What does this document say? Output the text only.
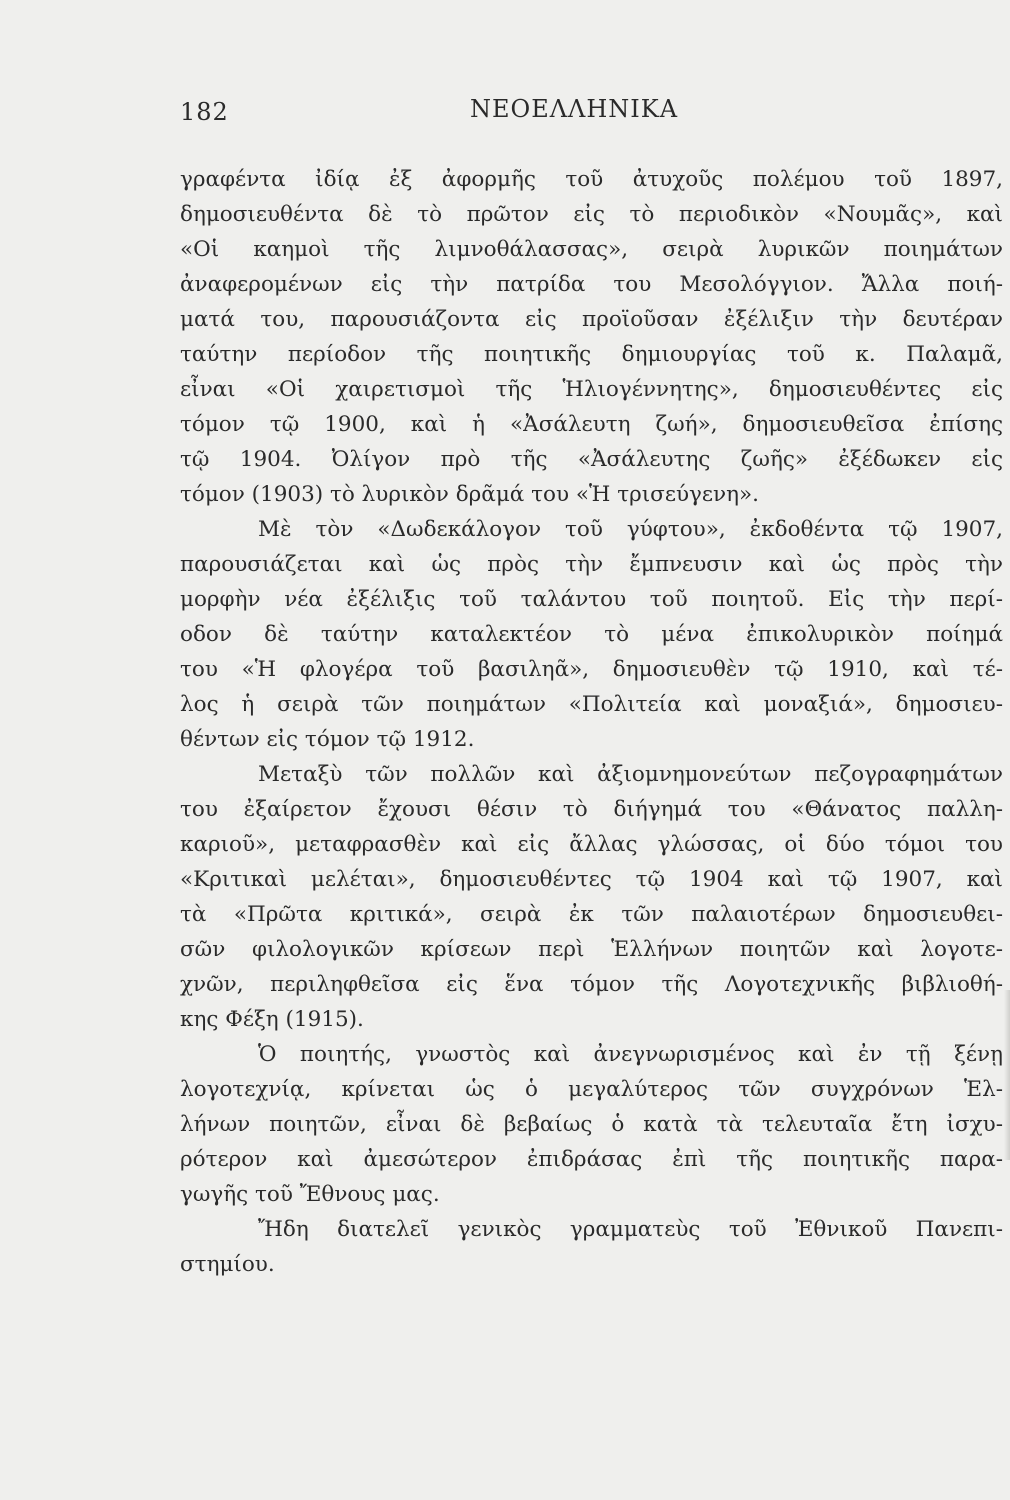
182	ΝΕΟΕΛΛΗΝΙΚΑ
γραφέντα ἰδίᾳ ἐξ ἀφορμῆς τοῦ ἀτυχοῦς πολέμου τοῦ 1897,
δημοσιευθέντα δὲ τὸ πρῶτον εἰς τὸ περιοδικὸν «Νουμᾶς», καὶ
«Οἱ καημοὶ τῆς λιμνοθάλασσας», σειρὰ λυρικῶν ποιημάτων
ἀναφερομένων εἰς τὴν πατρίδα του Μεσολόγγιον. Ἄλλα ποιή-
ματά του, παρουσιάζοντα εἰς προϊοῦσαν ἐξέλιξιν τὴν δευτέραν
ταύτην περίοδον τῆς ποιητικῆς δημιουργίας τοῦ κ. Παλαμᾶ,
εἶναι «Οἱ χαιρετισμοὶ τῆς Ἡλιογέννητης», δημοσιευθέντες εἰς
τόμον τῷ 1900, καὶ ἡ «Ἀσάλευτη ζωή», δημοσιευθεῖσα ἐπίσης
τῷ 1904. Ὀλίγον πρὸ τῆς «Ἀσάλευτης ζωῆς» ἐξέδωκεν εἰς
τόμον (1903) τὸ λυρικὸν δρᾶμά του «Ἡ τρισεύγενη».
Μὲ τὸν «Δωδεκάλογον τοῦ γύφτου», ἐκδοθέντα τῷ 1907,
παρουσιάζεται καὶ ὡς πρὸς τὴν ἔμπνευσιν καὶ ὡς πρὸς τὴν
μορφὴν νέα ἐξέλιξις τοῦ ταλάντου τοῦ ποιητοῦ. Εἰς τὴν περί-
οδον δὲ ταύτην καταλεκτέον τὸ μένα ἐπικολυρικὸν ποίημά
του «Ἡ φλογέρα τοῦ βασιληᾶ», δημοσιευθὲν τῷ 1910, καὶ τέ-
λος ἡ σειρὰ τῶν ποιημάτων «Πολιτεία καὶ μοναξιά», δημοσιευ-
θέντων εἰς τόμον τῷ 1912.
Μεταξὺ τῶν πολλῶν καὶ ἀξιομνημονεύτων πεζογραφημάτων
του ἐξαίρετον ἔχουσι θέσιν τὸ διήγημά του «Θάνατος παλλη-
καριοῦ», μεταφρασθὲν καὶ εἰς ἄλλας γλώσσας, οἱ δύο τόμοι του
«Κριτικαὶ μελέται», δημοσιευθέντες τῷ 1904 καὶ τῷ 1907, καὶ
τὰ «Πρῶτα κριτικά», σειρὰ ἐκ τῶν παλαιοτέρων δημοσιευθει-
σῶν φιλολογικῶν κρίσεων περὶ Ἑλλήνων ποιητῶν καὶ λογοτε-
χνῶν, περιληφθεῖσα εἰς ἕνα τόμον τῆς Λογοτεχνικῆς βιβλιοθή-
κης Φέξη (1915).
Ὁ ποιητής, γνωστὸς καὶ ἀνεγνωρισμένος καὶ ἐν τῇ ξένῃ
λογοτεχνίᾳ, κρίνεται ὡς ὁ μεγαλύτερος τῶν συγχρόνων Ἑλ-
λήνων ποιητῶν, εἶναι δὲ βεβαίως ὁ κατὰ τὰ τελευταῖα ἔτη ἰσχυ-
ρότερον καὶ ἀμεσώτερον ἐπιδράσας ἐπὶ τῆς ποιητικῆς παρα-
γωγῆς τοῦ Ἔθνους μας.
Ἤδη διατελεῖ γενικὸς γραμματεὺς τοῦ Ἐθνικοῦ Πανεπι-
στημίου.
